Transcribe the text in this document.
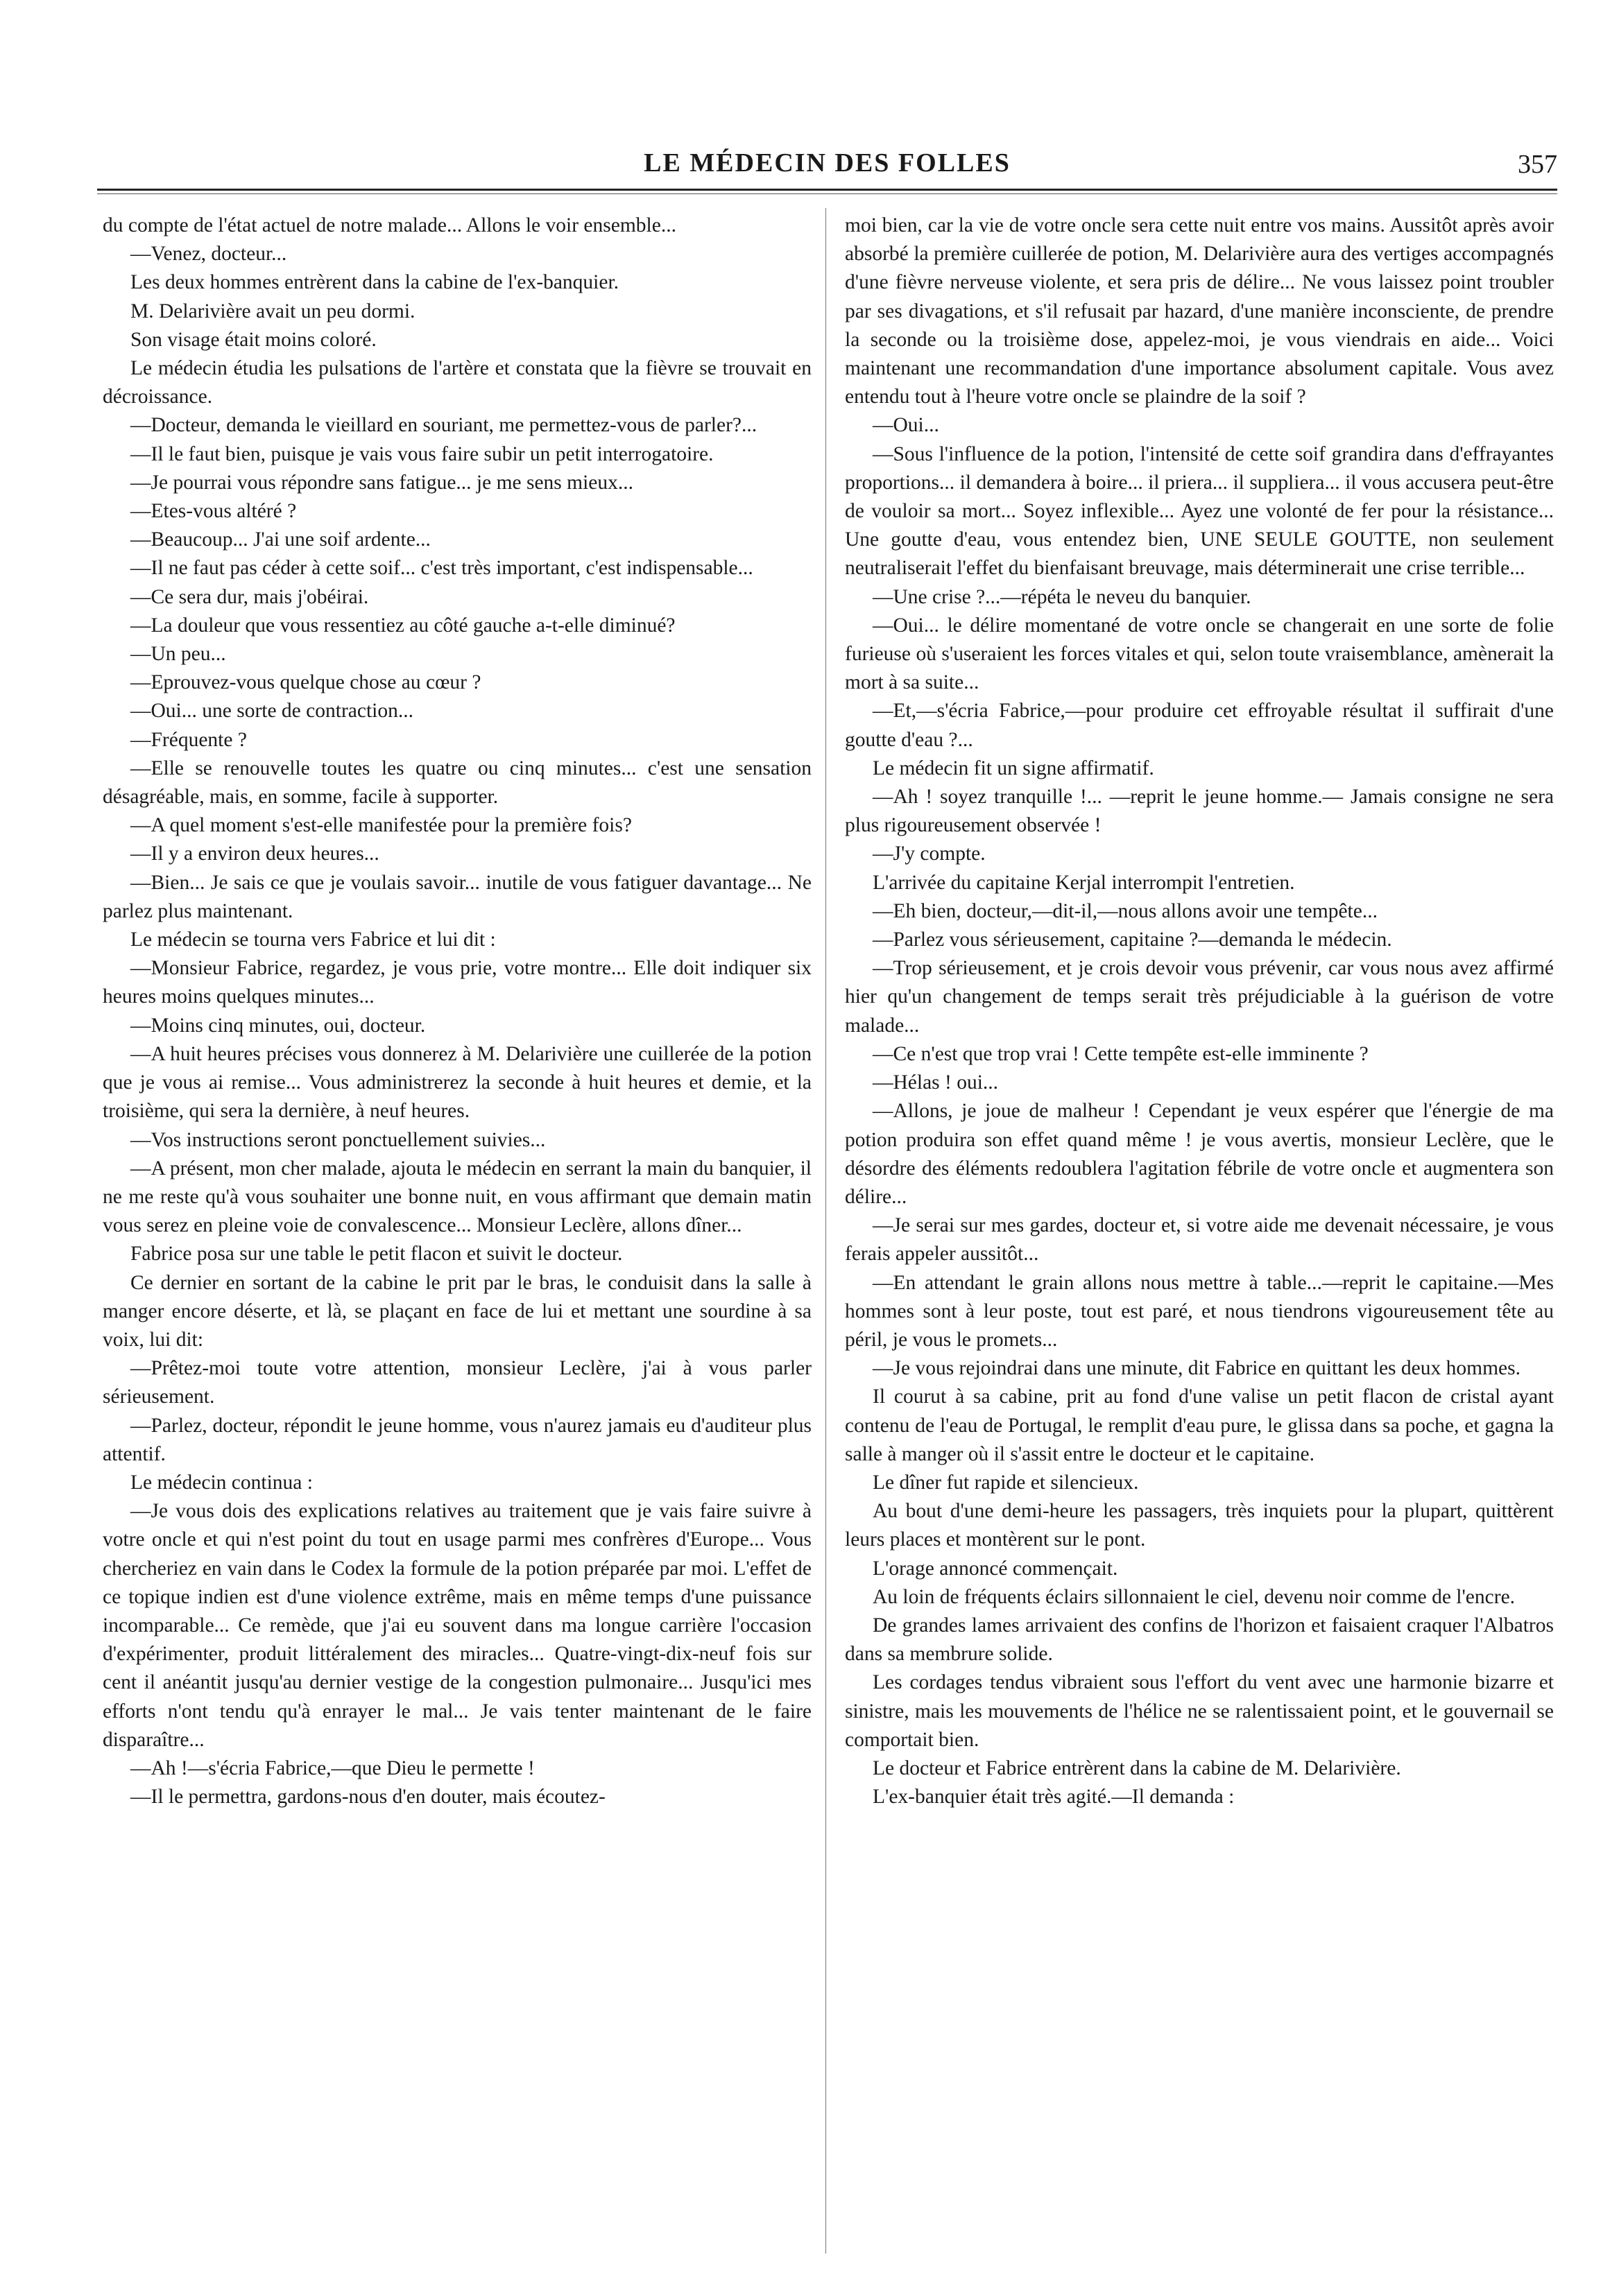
LE MÉDECIN DES FOLLES	357

du compte de l'état actuel de notre malade... Allons le voir ensemble...

—Venez, docteur...

Les deux hommes entrèrent dans la cabine de l'ex-banquier.

M. Delarivière avait un peu dormi.

Son visage était moins coloré.

Le médecin étudia les pulsations de l'artère et constata que la fièvre se trouvait en décroissance.

—Docteur, demanda le vieillard en souriant, me permettez-vous de parler?...

—Il le faut bien, puisque je vais vous faire subir un petit interrogatoire.

—Je pourrai vous répondre sans fatigue... je me sens mieux...

—Etes-vous altéré ?

—Beaucoup... J'ai une soif ardente...

—Il ne faut pas céder à cette soif... c'est très important, c'est indispensable...

—Ce sera dur, mais j'obéirai.

—La douleur que vous ressentiez au côté gauche a-t-elle diminué?

—Un peu...

—Eprouvez-vous quelque chose au cœur ?

—Oui... une sorte de contraction...

—Fréquente ?

—Elle se renouvelle toutes les quatre ou cinq minutes... c'est une sensation désagréable, mais, en somme, facile à supporter.

—A quel moment s'est-elle manifestée pour la première fois?

—Il y a environ deux heures...

—Bien... Je sais ce que je voulais savoir... inutile de vous fatiguer davantage... Ne parlez plus maintenant.

Le médecin se tourna vers Fabrice et lui dit :

—Monsieur Fabrice, regardez, je vous prie, votre montre... Elle doit indiquer six heures moins quelques minutes...

—Moins cinq minutes, oui, docteur.

—A huit heures précises vous donnerez à M. Delarivière une cuillerée de la potion que je vous ai remise... Vous administrerez la seconde à huit heures et demie, et la troisième, qui sera la dernière, à neuf heures.

—Vos instructions seront ponctuellement suivies...

—A présent, mon cher malade, ajouta le médecin en serrant la main du banquier, il ne me reste qu'à vous souhaiter une bonne nuit, en vous affirmant que demain matin vous serez en pleine voie de convalescence... Monsieur Leclère, allons dîner...

Fabrice posa sur une table le petit flacon et suivit le docteur.

Ce dernier en sortant de la cabine le prit par le bras, le conduisit dans la salle à manger encore déserte, et là, se plaçant en face de lui et mettant une sourdine à sa voix, lui dit:

—Prêtez-moi toute votre attention, monsieur Leclère, j'ai à vous parler sérieusement.

—Parlez, docteur, répondit le jeune homme, vous n'aurez jamais eu d'auditeur plus attentif.

Le médecin continua :

—Je vous dois des explications relatives au traitement que je vais faire suivre à votre oncle et qui n'est point du tout en usage parmi mes confrères d'Europe... Vous chercheriez en vain dans le Codex la formule de la potion préparée par moi. L'effet de ce topique indien est d'une violence extrême, mais en même temps d'une puissance incomparable... Ce remède, que j'ai eu souvent dans ma longue carrière l'occasion d'expérimenter, produit littéralement des miracles... Quatre-vingt-dix-neuf fois sur cent il anéantit jusqu'au dernier vestige de la congestion pulmonaire... Jusqu'ici mes efforts n'ont tendu qu'à enrayer le mal... Je vais tenter maintenant de le faire disparaître...

—Ah !—s'écria Fabrice,—que Dieu le permette !

—Il le permettra, gardons-nous d'en douter, mais écoutez-

moi bien, car la vie de votre oncle sera cette nuit entre vos mains. Aussitôt après avoir absorbé la première cuillerée de potion, M. Delarivière aura des vertiges accompagnés d'une fièvre nerveuse violente, et sera pris de délire... Ne vous laissez point troubler par ses divagations, et s'il refusait par hazard, d'une manière inconsciente, de prendre la seconde ou la troisième dose, appelez-moi, je vous viendrais en aide... Voici maintenant une recommandation d'une importance absolument capitale. Vous avez entendu tout à l'heure votre oncle se plaindre de la soif ?

—Oui...

—Sous l'influence de la potion, l'intensité de cette soif grandira dans d'effrayantes proportions... il demandera à boire... il priera... il suppliera... il vous accusera peut-être de vouloir sa mort... Soyez inflexible... Ayez une volonté de fer pour la résistance... Une goutte d'eau, vous entendez bien, UNE SEULE GOUTTE, non seulement neutraliserait l'effet du bienfaisant breuvage, mais déterminerait une crise terrible...

—Une crise ?...—répéta le neveu du banquier.

—Oui... le délire momentané de votre oncle se changerait en une sorte de folie furieuse où s'useraient les forces vitales et qui, selon toute vraisemblance, amènerait la mort à sa suite...

—Et,—s'écria Fabrice,—pour produire cet effroyable résultat il suffirait d'une goutte d'eau ?...

Le médecin fit un signe affirmatif.

—Ah ! soyez tranquille !... —reprit le jeune homme.— Jamais consigne ne sera plus rigoureusement observée !

—J'y compte.

L'arrivée du capitaine Kerjal interrompit l'entretien.

—Eh bien, docteur,—dit-il,—nous allons avoir une tempête...

—Parlez vous sérieusement, capitaine ?—demanda le médecin.

—Trop sérieusement, et je crois devoir vous prévenir, car vous nous avez affirmé hier qu'un changement de temps serait très préjudiciable à la guérison de votre malade...

—Ce n'est que trop vrai ! Cette tempête est-elle imminente ?

—Hélas ! oui...

—Allons, je joue de malheur ! Cependant je veux espérer que l'énergie de ma potion produira son effet quand même ! je vous avertis, monsieur Leclère, que le désordre des éléments redoublera l'agitation fébrile de votre oncle et augmentera son délire...

—Je serai sur mes gardes, docteur et, si votre aide me devenait nécessaire, je vous ferais appeler aussitôt...

—En attendant le grain allons nous mettre à table...—reprit le capitaine.—Mes hommes sont à leur poste, tout est paré, et nous tiendrons vigoureusement tête au péril, je vous le promets...

—Je vous rejoindrai dans une minute, dit Fabrice en quittant les deux hommes.

Il courut à sa cabine, prit au fond d'une valise un petit flacon de cristal ayant contenu de l'eau de Portugal, le remplit d'eau pure, le glissa dans sa poche, et gagna la salle à manger où il s'assit entre le docteur et le capitaine.

Le dîner fut rapide et silencieux.

Au bout d'une demi-heure les passagers, très inquiets pour la plupart, quittèrent leurs places et montèrent sur le pont.

L'orage annoncé commençait.

Au loin de fréquents éclairs sillonnaient le ciel, devenu noir comme de l'encre.

De grandes lames arrivaient des confins de l'horizon et faisaient craquer l'Albatros dans sa membrure solide.

Les cordages tendus vibraient sous l'effort du vent avec une harmonie bizarre et sinistre, mais les mouvements de l'hélice ne se ralentissaient point, et le gouvernail se comportait bien.

Le docteur et Fabrice entrèrent dans la cabine de M. Delarivière.

L'ex-banquier était très agité.—Il demanda :
